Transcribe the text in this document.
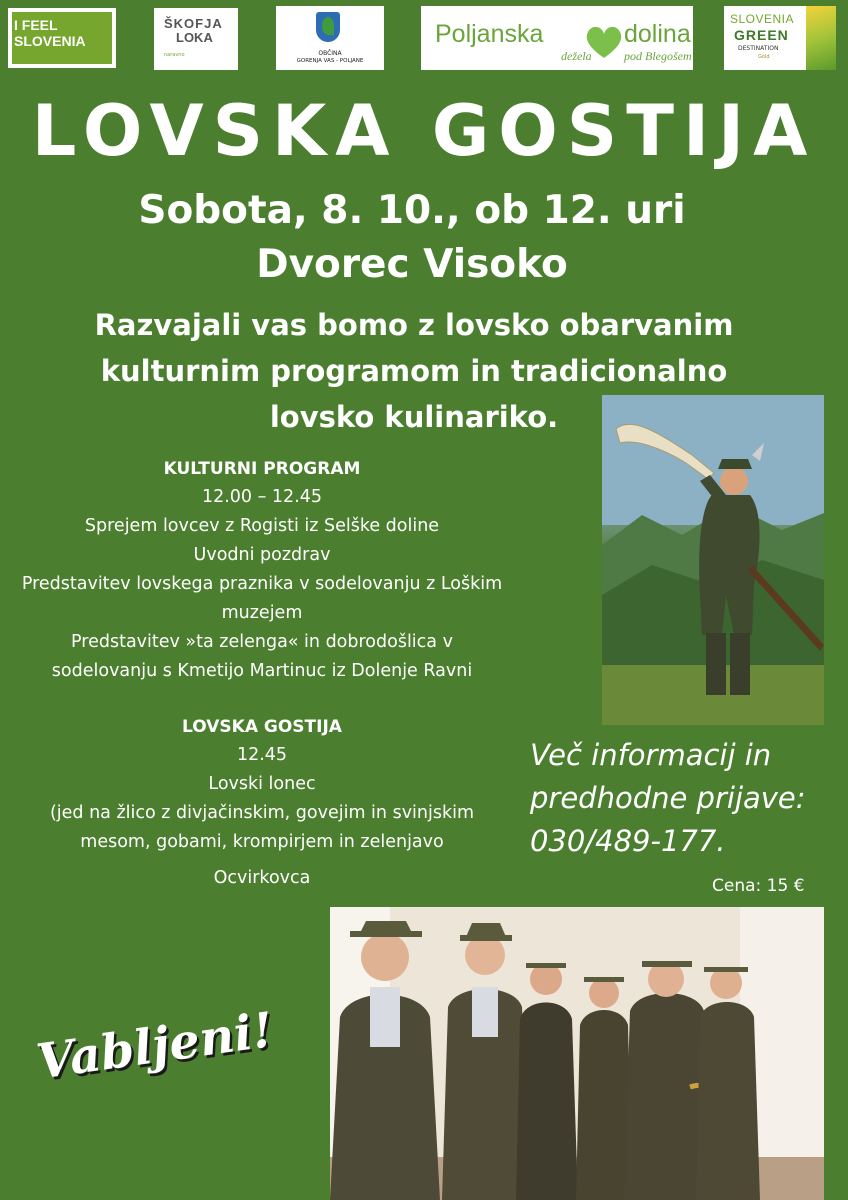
I FEEL
SLOVENIA
ŠKOFJA
LOKA
naravno	OBČINA
GORENJA VAS - POLJANE
Poljanska	dolina
dežela	pod Blegošem
SLOVENIA
GREEN
DESTINATION
Gold
LOVSKA GOSTIJA
Sobota, 8. 10., ob 12. uri
Dvorec Visoko
Razvajali vas bomo z lovsko obarvanim
kulturnim programom in tradicionalno
lovsko kulinariko.
KULTURNI PROGRAM
12.00 – 12.45
Sprejem lovcev z Rogisti iz Selške doline
Uvodni pozdrav
Predstavitev lovskega praznika v sodelovanju z Loškim
muzejem
Predstavitev »ta zelenga« in dobrodošlica v
sodelovanju s Kmetijo Martinuc iz Dolenje Ravni
LOVSKA GOSTIJA
12.45
Lovski lonec
(jed na žlico z divjačinskim, govejim in svinjskim
mesom, gobami, krompirjem in zelenjavo
Ocvirkovca
Več informacij in
predhodne prijave:
030/489-177.
Cena: 15 €
Vabljeni!
